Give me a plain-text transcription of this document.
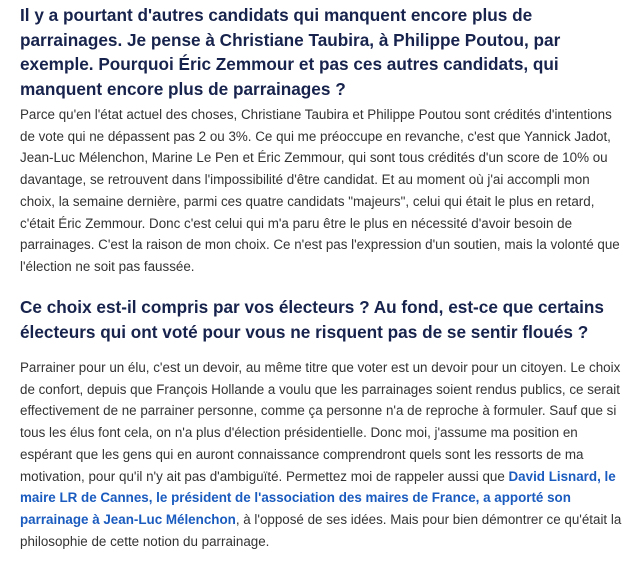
Il y a pourtant d'autres candidats qui manquent encore plus de parrainages. Je pense à Christiane Taubira, à Philippe Poutou, par exemple. Pourquoi Éric Zemmour et pas ces autres candidats, qui manquent encore plus de parrainages ?

Parce qu'en l'état actuel des choses, Christiane Taubira et Philippe Poutou sont crédités d'intentions de vote qui ne dépassent pas 2 ou 3%. Ce qui me préoccupe en revanche, c'est que Yannick Jadot, Jean-Luc Mélenchon, Marine Le Pen et Éric Zemmour, qui sont tous crédités d'un score de 10% ou davantage, se retrouvent dans l'impossibilité d'être candidat. Et au moment où j'ai accompli mon choix, la semaine dernière, parmi ces quatre candidats "majeurs", celui qui était le plus en retard, c'était Éric Zemmour. Donc c'est celui qui m'a paru être le plus en nécessité d'avoir besoin de parrainages. C'est la raison de mon choix. Ce n'est pas l'expression d'un soutien, mais la volonté que l'élection ne soit pas faussée.

Ce choix est-il compris par vos électeurs ? Au fond, est-ce que certains électeurs qui ont voté pour vous ne risquent pas de se sentir floués ?

Parrainer pour un élu, c'est un devoir, au même titre que voter est un devoir pour un citoyen. Le choix de confort, depuis que François Hollande a voulu que les parrainages soient rendus publics, ce serait effectivement de ne parrainer personne, comme ça personne n'a de reproche à formuler. Sauf que si tous les élus font cela, on n'a plus d'élection présidentielle. Donc moi, j'assume ma position en espérant que les gens qui en auront connaissance comprendront quels sont les ressorts de ma motivation, pour qu'il n'y ait pas d'ambiguïté. Permettez moi de rappeler aussi que David Lisnard, le maire LR de Cannes, le président de l'association des maires de France, a apporté son parrainage à Jean-Luc Mélenchon, à l'opposé de ses idées. Mais pour bien démontrer ce qu'était la philosophie de cette notion du parrainage.
